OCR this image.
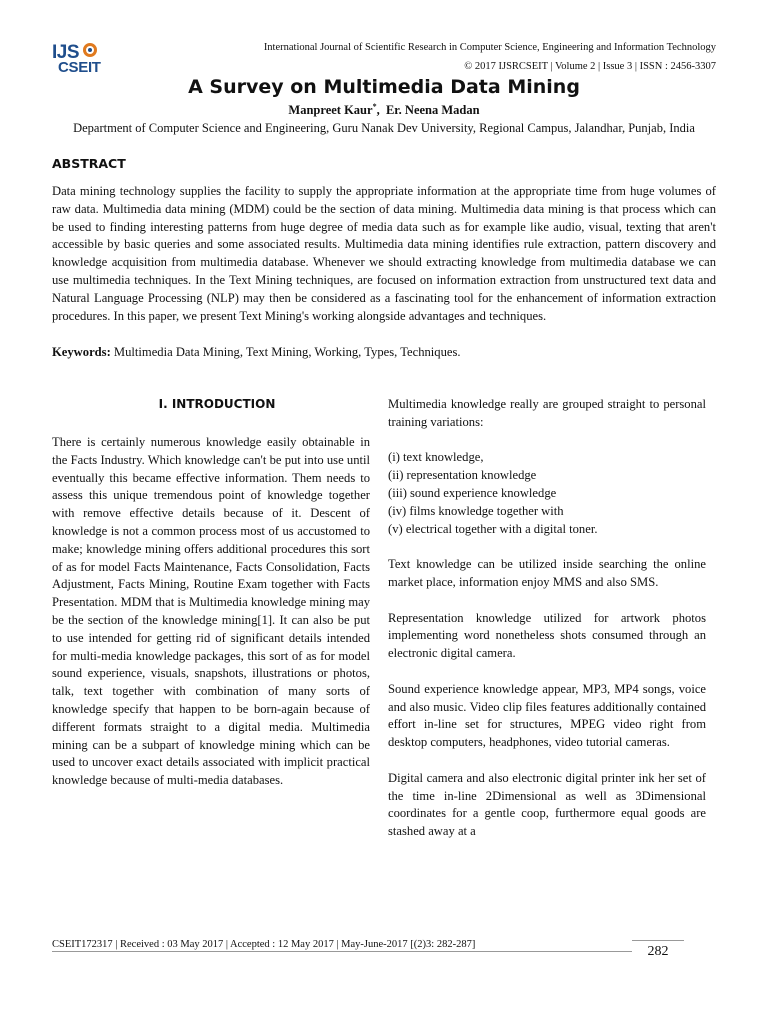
IJS
CSEIT
International Journal of Scientific Research in Computer Science, Engineering and Information Technology
© 2017 IJSRCSEIT | Volume 2 | Issue 3 | ISSN : 2456-3307
A Survey on Multimedia Data Mining
Manpreet Kaur*,  Er. Neena Madan
Department of Computer Science and Engineering, Guru Nanak Dev University, Regional Campus, Jalandhar, Punjab, India
ABSTRACT
Data mining technology supplies the facility to supply the appropriate information at the appropriate time from huge volumes of raw data. Multimedia data mining (MDM) could be the section of data mining. Multimedia data mining is that process which can be used to finding interesting patterns from huge degree of media data such as for example like audio, visual, texting that aren't accessible by basic queries and some associated results. Multimedia data mining identifies rule extraction, pattern discovery and knowledge acquisition from multimedia database. Whenever we should extracting knowledge from multimedia database we can use multimedia techniques. In the Text Mining techniques, are focused on information extraction from unstructured text data and Natural Language Processing (NLP) may then be considered as a fascinating tool for the enhancement of information extraction procedures. In this paper, we present Text Mining's working alongside advantages and techniques.
Keywords: Multimedia Data Mining, Text Mining, Working, Types, Techniques.
I. INTRODUCTION
There is certainly numerous knowledge easily obtainable in the Facts Industry. Which knowledge can't be put into use until eventually this became effective information. Them needs to assess this unique tremendous point of knowledge together with remove effective details because of it. Descent of knowledge is not a common process most of us accustomed to make; knowledge mining offers additional procedures this sort of as for model Facts Maintenance, Facts Consolidation, Facts Adjustment, Facts Mining, Routine Exam together with Facts Presentation. MDM that is Multimedia knowledge mining may be the section of the knowledge mining[1]. It can also be put to use intended for getting rid of significant details intended for multi-media knowledge packages, this sort of as for model sound experience, visuals, snapshots, illustrations or photos, talk, text together with combination of many sorts of knowledge specify that happen to be born-again because of different formats straight to a digital media. Multimedia mining can be a subpart of knowledge mining which can be used to uncover exact details associated with implicit practical knowledge because of multi-media databases.

Multimedia knowledge really are grouped straight to personal training variations:

(i) text knowledge,
(ii) representation knowledge
(iii) sound experience knowledge
(iv) films knowledge together with
(v) electrical together with a digital toner.

Text knowledge can be utilized inside searching the online market place, information enjoy MMS and also SMS.

Representation knowledge utilized for artwork photos implementing word nonetheless shots consumed through an electronic digital camera.

Sound experience knowledge appear, MP3, MP4 songs, voice and also music. Video clip files features additionally contained effort in-line set for structures, MPEG video right from desktop computers, headphones, video tutorial cameras.

Digital camera and also electronic digital printer ink her set of the time in-line 2Dimensional as well as 3Dimensional coordinates for a gentle coop, furthermore equal goods are stashed away at a

CSEIT172317 | Received : 03 May 2017 | Accepted : 12 May 2017 | May-June-2017 [(2)3: 282-287]	282
